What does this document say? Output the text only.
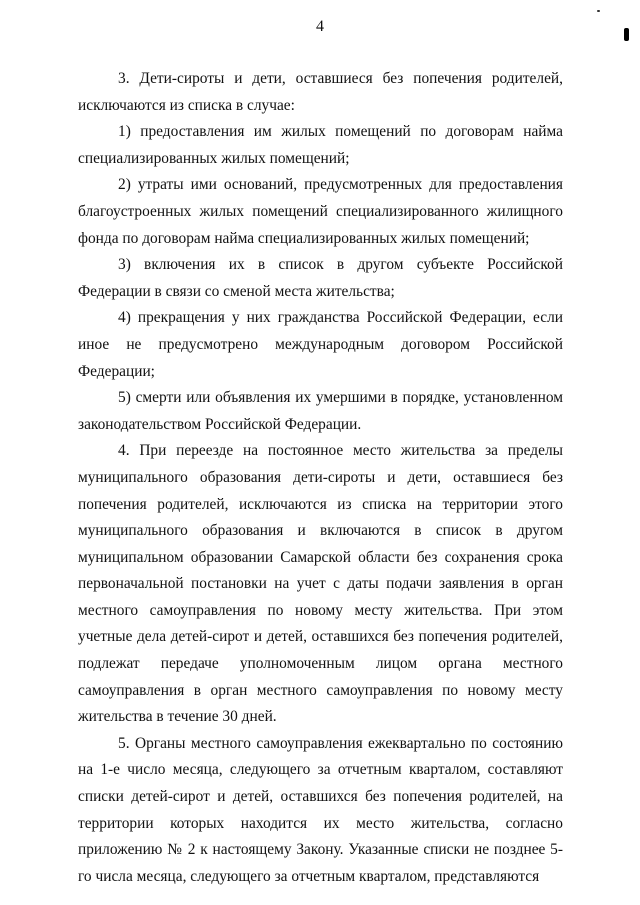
4

3. Дети-сироты и дети, оставшиеся без попечения родителей, исключаются из списка в случае:

1) предоставления им жилых помещений по договорам найма специализированных жилых помещений;

2) утраты ими оснований, предусмотренных для предоставления благоустроенных жилых помещений специализированного жилищного фонда по договорам найма специализированных жилых помещений;

3) включения их в список в другом субъекте Российской Федерации в связи со сменой места жительства;

4) прекращения у них гражданства Российской Федерации, если иное не предусмотрено международным договором Российской Федерации;

5) смерти или объявления их умершими в порядке, установленном законодательством Российской Федерации.

4. При переезде на постоянное место жительства за пределы муниципального образования дети-сироты и дети, оставшиеся без попечения родителей, исключаются из списка на территории этого муниципального образования и включаются в список в другом муниципальном образовании Самарской области без сохранения срока первоначальной постановки на учет с даты подачи заявления в орган местного самоуправления по новому месту жительства. При этом учетные дела детей-сирот и детей, оставшихся без попечения родителей, подлежат передаче уполномоченным лицом органа местного самоуправления в орган местного самоуправления по новому месту жительства в течение 30 дней.

5. Органы местного самоуправления ежеквартально по состоянию на 1-е число месяца, следующего за отчетным кварталом, составляют списки детей-сирот и детей, оставшихся без попечения родителей, на территории которых находится их место жительства, согласно приложению № 2 к настоящему Закону. Указанные списки не позднее 5-го числа месяца, следующего за отчетным кварталом, представляются
